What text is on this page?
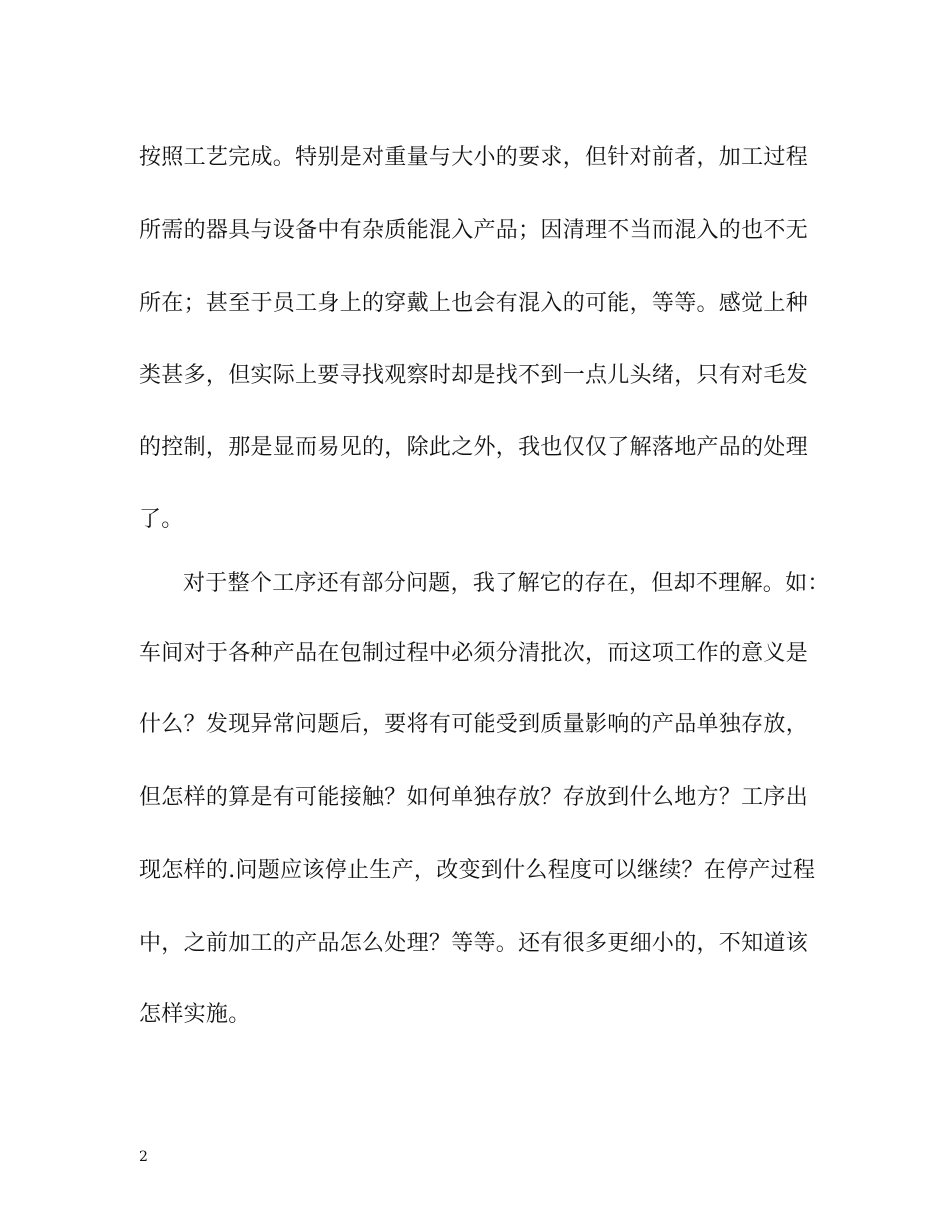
按照工艺完成。特别是对重量与大小的要求，但针对前者，加工过程
所需的器具与设备中有杂质能混入产品；因清理不当而混入的也不无
所在；甚至于员工身上的穿戴上也会有混入的可能，等等。感觉上种
类甚多，但实际上要寻找观察时却是找不到一点儿头绪，只有对毛发
的控制，那是显而易见的，除此之外，我也仅仅了解落地产品的处理
了。
对于整个工序还有部分问题，我了解它的存在，但却不理解。如：
车间对于各种产品在包制过程中必须分清批次，而这项工作的意义是
什么？发现异常问题后，要将有可能受到质量影响的产品单独存放，
但怎样的算是有可能接触？如何单独存放？存放到什么地方？工序出
现怎样的.问题应该停止生产，改变到什么程度可以继续？在停产过程
中，之前加工的产品怎么处理？等等。还有很多更细小的，不知道该
怎样实施。
2
